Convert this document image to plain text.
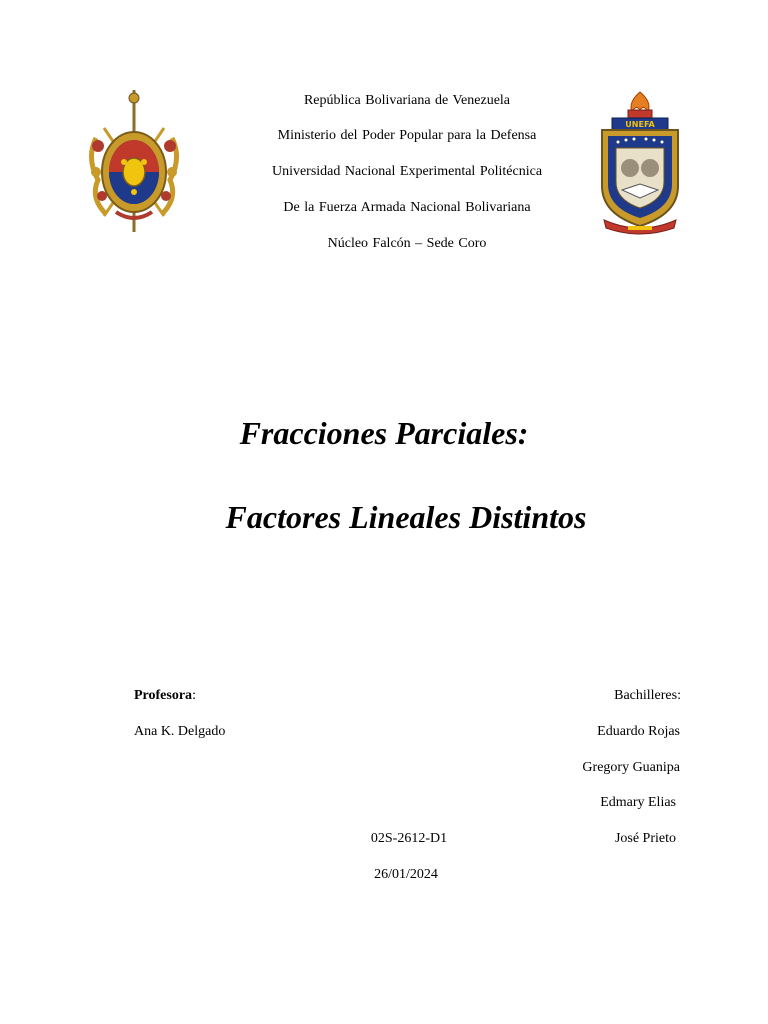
República Bolivariana de Venezuela
Ministerio del Poder Popular para la Defensa
Universidad Nacional Experimental Politécnica
De la Fuerza Armada Nacional Bolivariana
Núcleo Falcón – Sede Coro
UNEFA
Fracciones Parciales:
Factores Lineales Distintos
Profesora:
Ana K. Delgado
Bachilleres:
Eduardo Rojas
Gregory Guanipa
Edmary Elias
José Prieto
02S-2612-D1
26/01/2024
